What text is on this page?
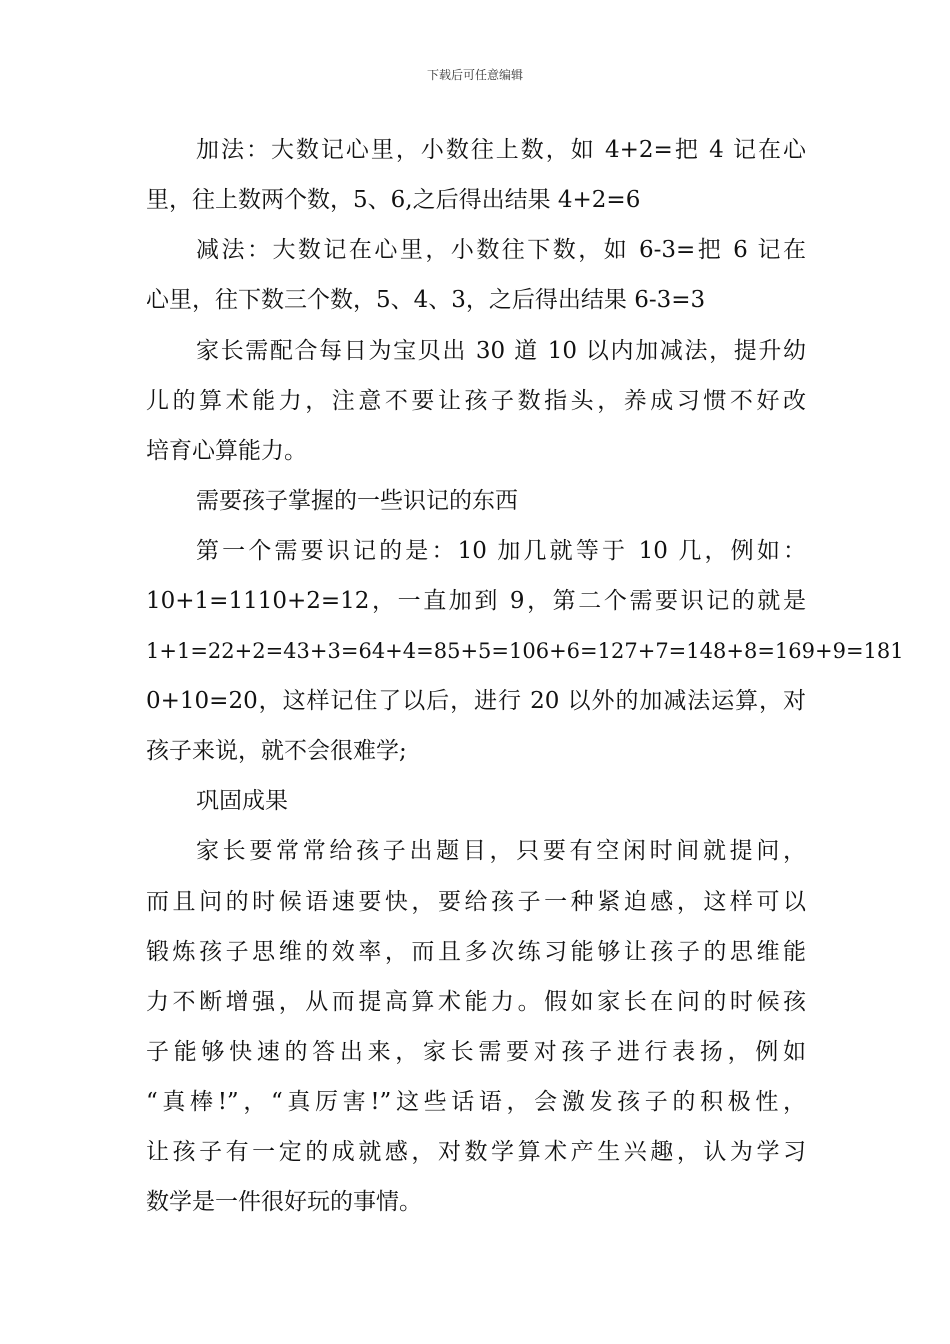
下载后可任意编辑
加法：大数记心里，小数往上数，如 4+2=把 4 记在心
里，往上数两个数，5、6,之后得出结果 4+2=6
减法：大数记在心里，小数往下数，如 6-3=把 6 记在
心里，往下数三个数，5、4、3，之后得出结果 6-3=3
家长需配合每日为宝贝出 30 道 10 以内加减法，提升幼
儿的算术能力，注意不要让孩子数指头，养成习惯不好改
培育心算能力。
需要孩子掌握的一些识记的东西
第一个需要识记的是：10 加几就等于 10 几，例如：
10+1=1110+2=12，一直加到 9，第二个需要识记的就是
1+1=22+2=43+3=64+4=85+5=106+6=127+7=148+8=169+9=181
0+10=20，这样记住了以后，进行 20 以外的加减法运算，对
孩子来说，就不会很难学;
巩固成果
家长要常常给孩子出题目，只要有空闲时间就提问，
而且问的时候语速要快，要给孩子一种紧迫感，这样可以
锻炼孩子思维的效率，而且多次练习能够让孩子的思维能
力不断增强，从而提高算术能力。假如家长在问的时候孩
子能够快速的答出来，家长需要对孩子进行表扬，例如
“真棒!”，“真厉害!”这些话语，会激发孩子的积极性，
让孩子有一定的成就感，对数学算术产生兴趣，认为学习
数学是一件很好玩的事情。
